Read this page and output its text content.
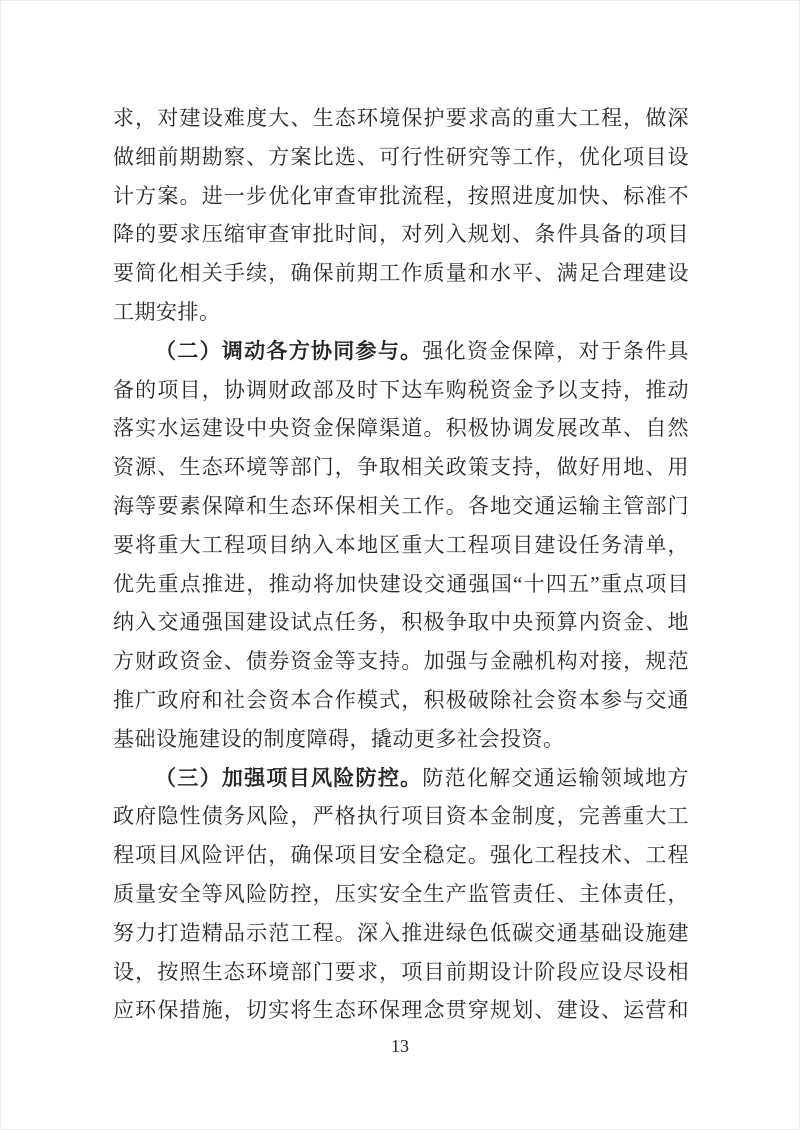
求，对建设难度大、生态环境保护要求高的重大工程，做深
做细前期勘察、方案比选、可行性研究等工作，优化项目设
计方案。进一步优化审查审批流程，按照进度加快、标准不
降的要求压缩审查审批时间，对列入规划、条件具备的项目
要简化相关手续，确保前期工作质量和水平、满足合理建设
工期安排。
（二）调动各方协同参与。强化资金保障，对于条件具
备的项目，协调财政部及时下达车购税资金予以支持，推动
落实水运建设中央资金保障渠道。积极协调发展改革、自然
资源、生态环境等部门，争取相关政策支持，做好用地、用
海等要素保障和生态环保相关工作。各地交通运输主管部门
要将重大工程项目纳入本地区重大工程项目建设任务清单，
优先重点推进，推动将加快建设交通强国“十四五”重点项目
纳入交通强国建设试点任务，积极争取中央预算内资金、地
方财政资金、债券资金等支持。加强与金融机构对接，规范
推广政府和社会资本合作模式，积极破除社会资本参与交通
基础设施建设的制度障碍，撬动更多社会投资。
（三）加强项目风险防控。防范化解交通运输领域地方
政府隐性债务风险，严格执行项目资本金制度，完善重大工
程项目风险评估，确保项目安全稳定。强化工程技术、工程
质量安全等风险防控，压实安全生产监管责任、主体责任，
努力打造精品示范工程。深入推进绿色低碳交通基础设施建
设，按照生态环境部门要求，项目前期设计阶段应设尽设相
应环保措施，切实将生态环保理念贯穿规划、建设、运营和
13
